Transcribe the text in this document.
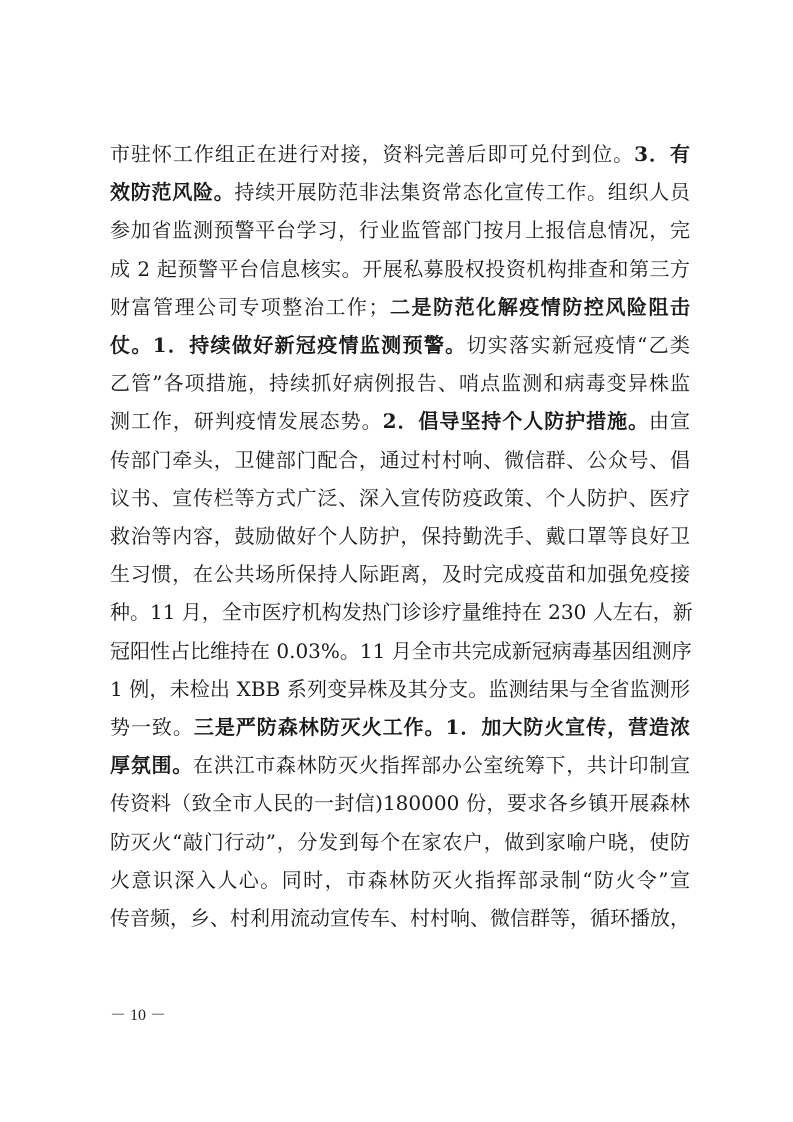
市驻怀工作组正在进行对接，资料完善后即可兑付到位。3．有
效防范风险。持续开展防范非法集资常态化宣传工作。组织人员
参加省监测预警平台学习，行业监管部门按月上报信息情况，完
成 2 起预警平台信息核实。开展私募股权投资机构排查和第三方
财富管理公司专项整治工作；二是防范化解疫情防控风险阻击
仗。1．持续做好新冠疫情监测预警。切实落实新冠疫情“乙类
乙管”各项措施，持续抓好病例报告、哨点监测和病毒变异株监
测工作，研判疫情发展态势。2．倡导坚持个人防护措施。由宣
传部门牵头，卫健部门配合，通过村村响、微信群、公众号、倡
议书、宣传栏等方式广泛、深入宣传防疫政策、个人防护、医疗
救治等内容，鼓励做好个人防护，保持勤洗手、戴口罩等良好卫
生习惯，在公共场所保持人际距离，及时完成疫苗和加强免疫接
种。11 月，全市医疗机构发热门诊诊疗量维持在 230 人左右，新
冠阳性占比维持在 0.03%。11 月全市共完成新冠病毒基因组测序
1 例，未检出 XBB 系列变异株及其分支。监测结果与全省监测形
势一致。三是严防森林防灭火工作。1．加大防火宣传，营造浓
厚氛围。在洪江市森林防灭火指挥部办公室统筹下，共计印制宣
传资料（致全市人民的一封信)180000 份，要求各乡镇开展森林
防灭火“敲门行动”，分发到每个在家农户，做到家喻户晓，使防
火意识深入人心。同时，市森林防灭火指挥部录制“防火令”宣
传音频，乡、村利用流动宣传车、村村响、微信群等，循环播放，
－ 10 －
